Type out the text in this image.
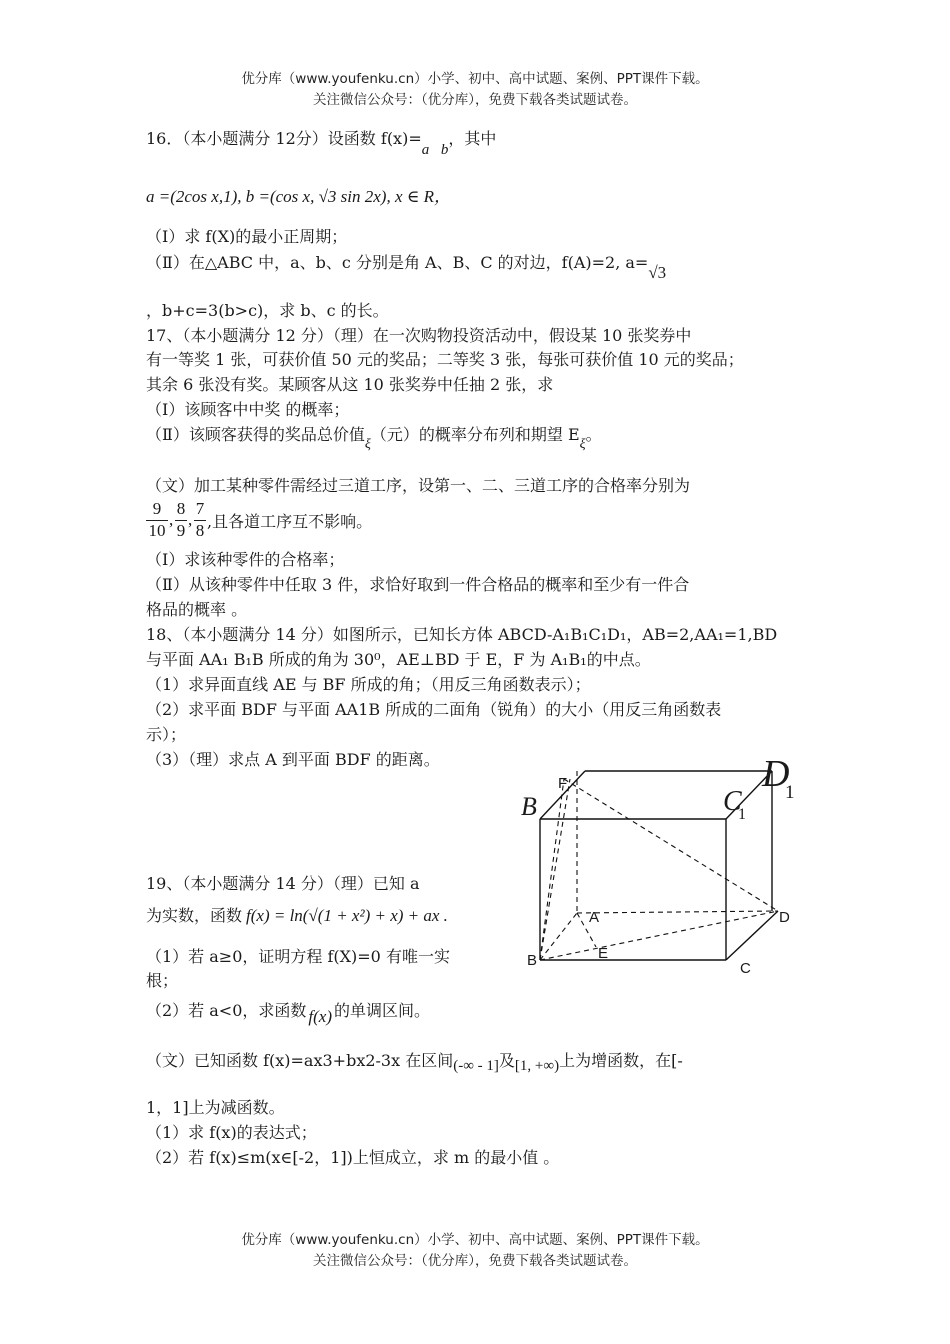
优分库（www.youfenku.cn）小学、初中、高中试题、案例、PPT课件下载。
关注微信公众号：（优分库），免费下载各类试题试卷。
16．（本小题满分 12分）设函数 f(x)=a⃞b，其中
a =(2cos x,1), b =(cos x, √3 sin 2x), x ∈ R，
（Ⅰ）求 f(X)的最小正周期；
（Ⅱ）在△ABC 中，a、b、c 分别是角 A、B、C 的对边，f(A)=2, a=√3
，b+c=3(b>c)，求 b、c 的长。
17、（本小题满分 12 分）（理）在一次购物投资活动中，假设某 10 张奖券中
有一等奖 1 张，可获价值 50 元的奖品；二等奖 3 张，每张可获价值 10 元的奖品；
其余 6 张没有奖。某顾客从这 10 张奖券中任抽 2 张，求
（Ⅰ）该顾客中中奖 的概率；
（Ⅱ）该顾客获得的奖品总价值ξ（元）的概率分布列和期望 Eξ。
（文）加工某种零件需经过三道工序，设第一、二、三道工序的合格率分别为
$\frac{9}{10}$ , $\frac{8}{9}$ , $\frac{7}{8}$ ,且各道工序互不影响。
（Ⅰ）求该种零件的合格率；
（Ⅱ）从该种零件中任取 3 件，求恰好取到一件合格品的概率和至少有一件合
格品的概率 。
18、（本小题满分 14 分）如图所示，已知长方体 ABCD-A₁B₁C₁D₁，AB=2,AA₁=1,BD
与平面 AA₁ B₁B 所成的角为 30⁰，AE⊥BD 于 E，F 为 A₁B₁的中点。
（1）求异面直线 AE 与 BF 所成的角；（用反三角函数表示）；
（2）求平面 BDF 与平面 AA1B 所成的二面角（锐角）的大小（用反三角函数表
示）；
（3）（理）求点 A 到平面 BDF 的距离。
B
F
C
1
D
1
A	D
B	E
C
19、（本小题满分 14 分）（理）已知 a
为实数，函数 f(x) = ln(√(1 + x²) + x) + ax .
（1）若 a≥0，证明方程 f(X)=0 有唯一实
根；
（2）若 a<0，求函数 f(x) 的单调区间。
（文）已知函数 f(x)=ax3+bx2-3x 在区间(-∞ - 1]及[1, +∞)上为增函数，在[-
1，1]上为减函数。
（1）求 f(x)的表达式；
（2）若 f(x)≤m(x∈[-2，1])上恒成立，求 m 的最小值 。
优分库（www.youfenku.cn）小学、初中、高中试题、案例、PPT课件下载。
关注微信公众号：（优分库），免费下载各类试题试卷。
